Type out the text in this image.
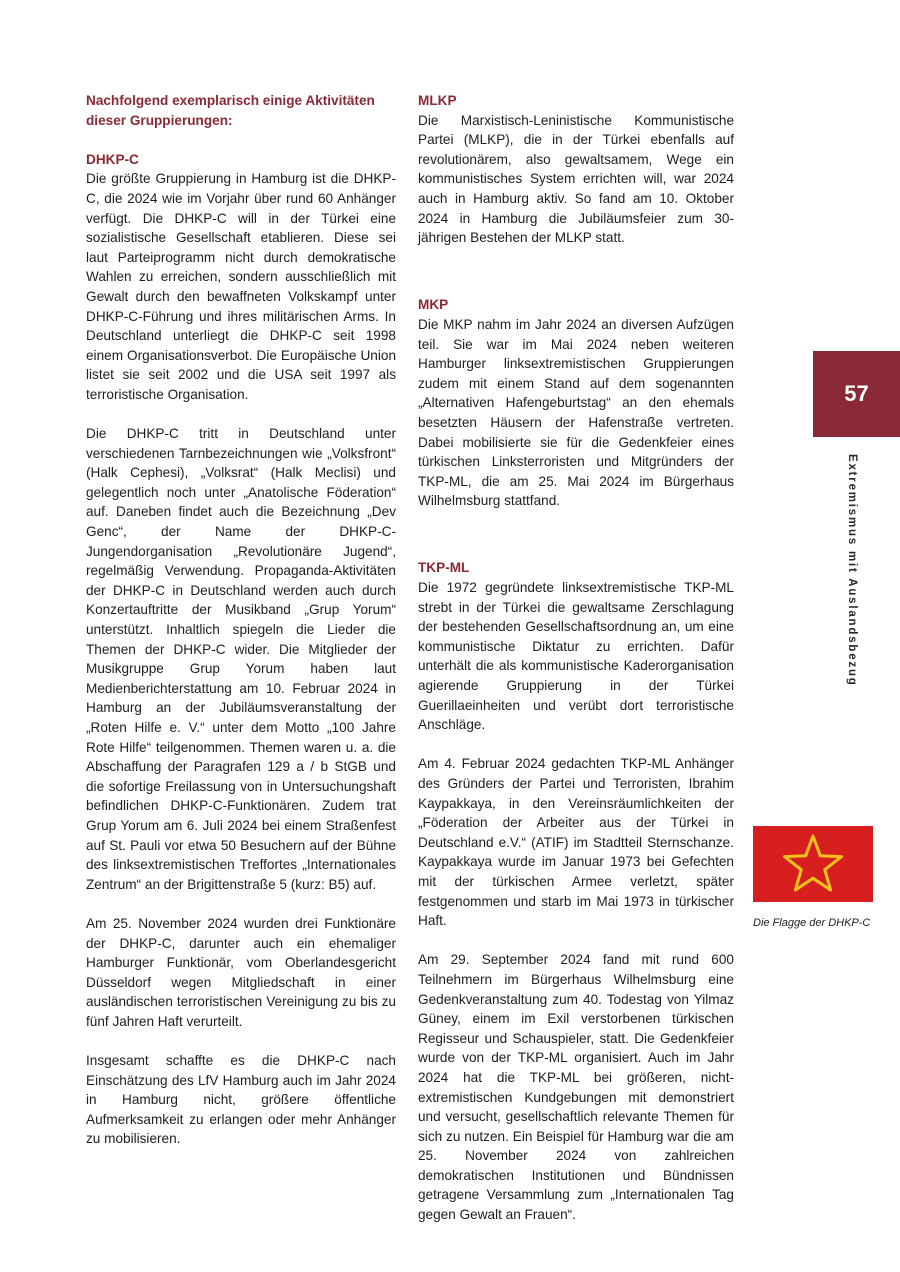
Nachfolgend exemplarisch einige Aktivitäten dieser Gruppierungen:

DHKP-C

Die größte Gruppierung in Hamburg ist die DHKP-C, die 2024 wie im Vorjahr über rund 60 Anhänger verfügt. Die DHKP-C will in der Türkei eine sozialistische Gesellschaft etablieren. Diese sei laut Parteiprogramm nicht durch demokratische Wahlen zu erreichen, sondern ausschließlich mit Gewalt durch den bewaffneten Volkskampf unter DHKP-C-Führung und ihres militärischen Arms. In Deutschland unterliegt die DHKP-C seit 1998 einem Organisationsverbot. Die Europäische Union listet sie seit 2002 und die USA seit 1997 als terroristische Organisation.

Die DHKP-C tritt in Deutschland unter verschiedenen Tarnbezeichnungen wie „Volksfront“ (Halk Cephesi), „Volksrat“ (Halk Meclisi) und gelegentlich noch unter „Anatolische Föderation“ auf. Daneben findet auch die Bezeichnung „Dev Genc“, der Name der DHKP-C-Jungendorganisation „Revolutionäre Jugend“, regelmäßig Verwendung. Propaganda-Aktivitäten der DHKP-C in Deutschland werden auch durch Konzertauftritte der Musikband „Grup Yorum“ unterstützt. Inhaltlich spiegeln die Lieder die Themen der DHKP-C wider. Die Mitglieder der Musikgruppe Grup Yorum haben laut Medienberichterstattung am 10. Februar 2024 in Hamburg an der Jubiläumsveranstaltung der „Roten Hilfe e. V.“ unter dem Motto „100 Jahre Rote Hilfe“ teilgenommen. Themen waren u. a. die Abschaffung der Paragrafen 129 a / b StGB und die sofortige Freilassung von in Untersuchungshaft befindlichen DHKP-C-Funktionären. Zudem trat Grup Yorum am 6. Juli 2024 bei einem Straßenfest auf St. Pauli vor etwa 50 Besuchern auf der Bühne des linksextremistischen Treffortes „Internationales Zentrum“ an der Brigittenstraße 5 (kurz: B5) auf.

Am 25. November 2024 wurden drei Funktionäre der DHKP-C, darunter auch ein ehemaliger Hamburger Funktionär, vom Oberlandesgericht Düsseldorf wegen Mitgliedschaft in einer ausländischen terroristischen Vereinigung zu bis zu fünf Jahren Haft verurteilt.

Insgesamt schaffte es die DHKP-C nach Einschätzung des LfV Hamburg auch im Jahr 2024 in Hamburg nicht, größere öffentliche Aufmerksamkeit zu erlangen oder mehr Anhänger zu mobilisieren.

MLKP

Die Marxistisch-Leninistische Kommunistische Partei (MLKP), die in der Türkei ebenfalls auf revolutionärem, also gewaltsamem, Wege ein kommunistisches System errichten will, war 2024 auch in Hamburg aktiv. So fand am 10. Oktober 2024 in Hamburg die Jubiläumsfeier zum 30-jährigen Bestehen der MLKP statt.

MKP

Die MKP nahm im Jahr 2024 an diversen Aufzügen teil. Sie war im Mai 2024 neben weiteren Hamburger linksextremistischen Gruppierungen zudem mit einem Stand auf dem sogenannten „Alternativen Hafengeburtstag“ an den ehemals besetzten Häusern der Hafenstraße vertreten. Dabei mobilisierte sie für die Gedenkfeier eines türkischen Linksterroristen und Mitgründers der TKP-ML, die am 25. Mai 2024 im Bürgerhaus Wilhelmsburg stattfand.

TKP-ML

Die 1972 gegründete linksextremistische TKP-ML strebt in der Türkei die gewaltsame Zerschlagung der bestehenden Gesellschaftsordnung an, um eine kommunistische Diktatur zu errichten. Dafür unterhält die als kommunistische Kaderorganisation agierende Gruppierung in der Türkei Guerillaeinheiten und verübt dort terroristische Anschläge.

Am 4. Februar 2024 gedachten TKP-ML Anhänger des Gründers der Partei und Terroristen, Ibrahim Kaypakkaya, in den Vereinsräumlichkeiten der „Föderation der Arbeiter aus der Türkei in Deutschland e.V.“ (ATIF) im Stadtteil Sternschanze. Kaypakkaya wurde im Januar 1973 bei Gefechten mit der türkischen Armee verletzt, später festgenommen und starb im Mai 1973 in türkischer Haft.

Am 29. September 2024 fand mit rund 600 Teilnehmern im Bürgerhaus Wilhelmsburg eine Gedenkveranstaltung zum 40. Todestag von Yilmaz Güney, einem im Exil verstorbenen türkischen Regisseur und Schauspieler, statt. Die Gedenkfeier wurde von der TKP-ML organisiert. Auch im Jahr 2024 hat die TKP-ML bei größeren, nicht-extremistischen Kundgebungen mit demonstriert und versucht, gesellschaftlich relevante Themen für sich zu nutzen. Ein Beispiel für Hamburg war die am 25. November 2024 von zahlreichen demokratischen Institutionen und Bündnissen getragene Versammlung zum „Internationalen Tag gegen Gewalt an Frauen“.

57
Extremismus mit Auslandsbezug
Die Flagge der DHKP-C
